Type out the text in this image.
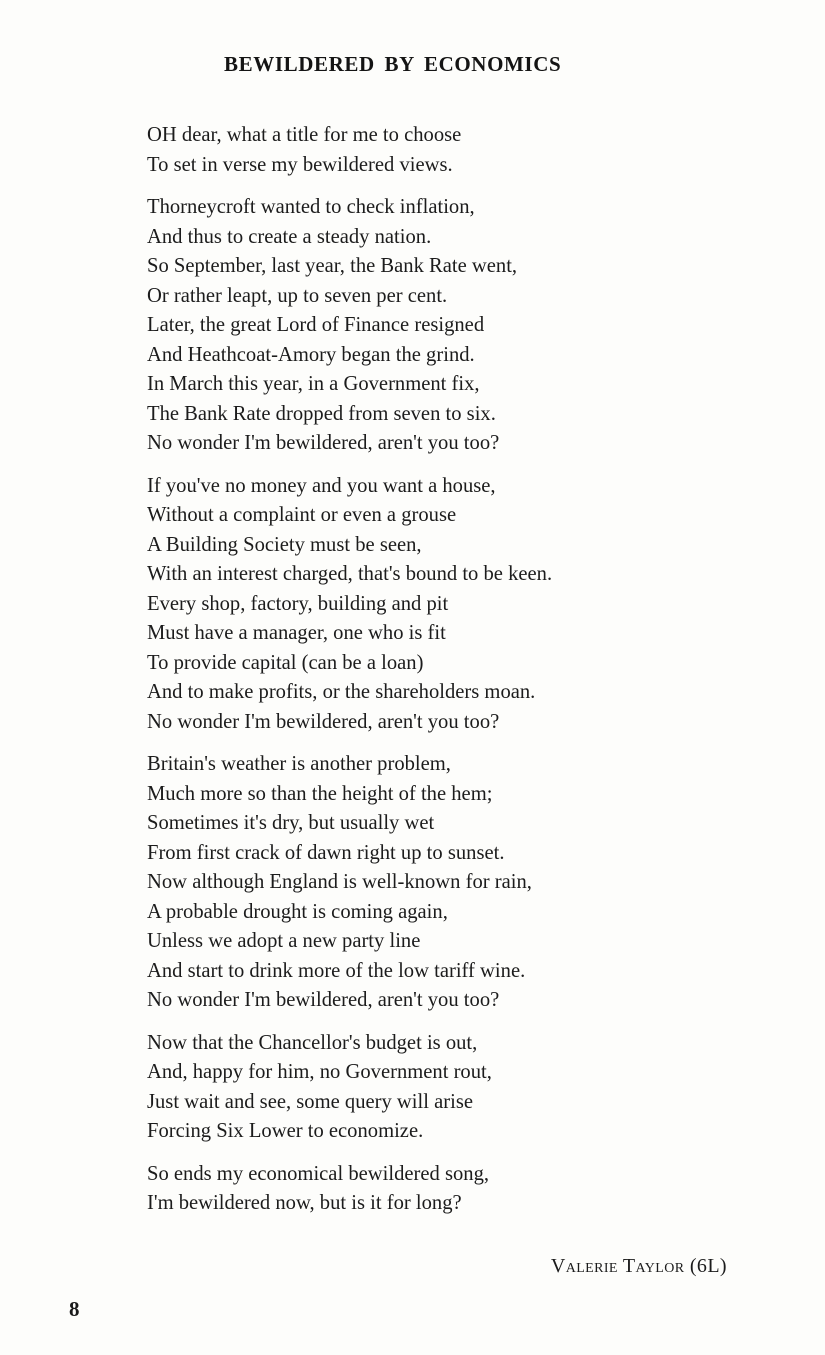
BEWILDERED BY ECONOMICS
OH dear, what a title for me to choose
To set in verse my bewildered views.
Thorneycroft wanted to check inflation,
And thus to create a steady nation.
So September, last year, the Bank Rate went,
Or rather leapt, up to seven per cent.
Later, the great Lord of Finance resigned
And Heathcoat-Amory began the grind.
In March this year, in a Government fix,
The Bank Rate dropped from seven to six.
No wonder I'm bewildered, aren't you too?
If you've no money and you want a house,
Without a complaint or even a grouse
A Building Society must be seen,
With an interest charged, that's bound to be keen.
Every shop, factory, building and pit
Must have a manager, one who is fit
To provide capital (can be a loan)
And to make profits, or the shareholders moan.
No wonder I'm bewildered, aren't you too?
Britain's weather is another problem,
Much more so than the height of the hem;
Sometimes it's dry, but usually wet
From first crack of dawn right up to sunset.
Now although England is well-known for rain,
A probable drought is coming again,
Unless we adopt a new party line
And start to drink more of the low tariff wine.
No wonder I'm bewildered, aren't you too?
Now that the Chancellor's budget is out,
And, happy for him, no Government rout,
Just wait and see, some query will arise
Forcing Six Lower to economize.
So ends my economical bewildered song,
I'm bewildered now, but is it for long?
Valerie Taylor (6L)
8
